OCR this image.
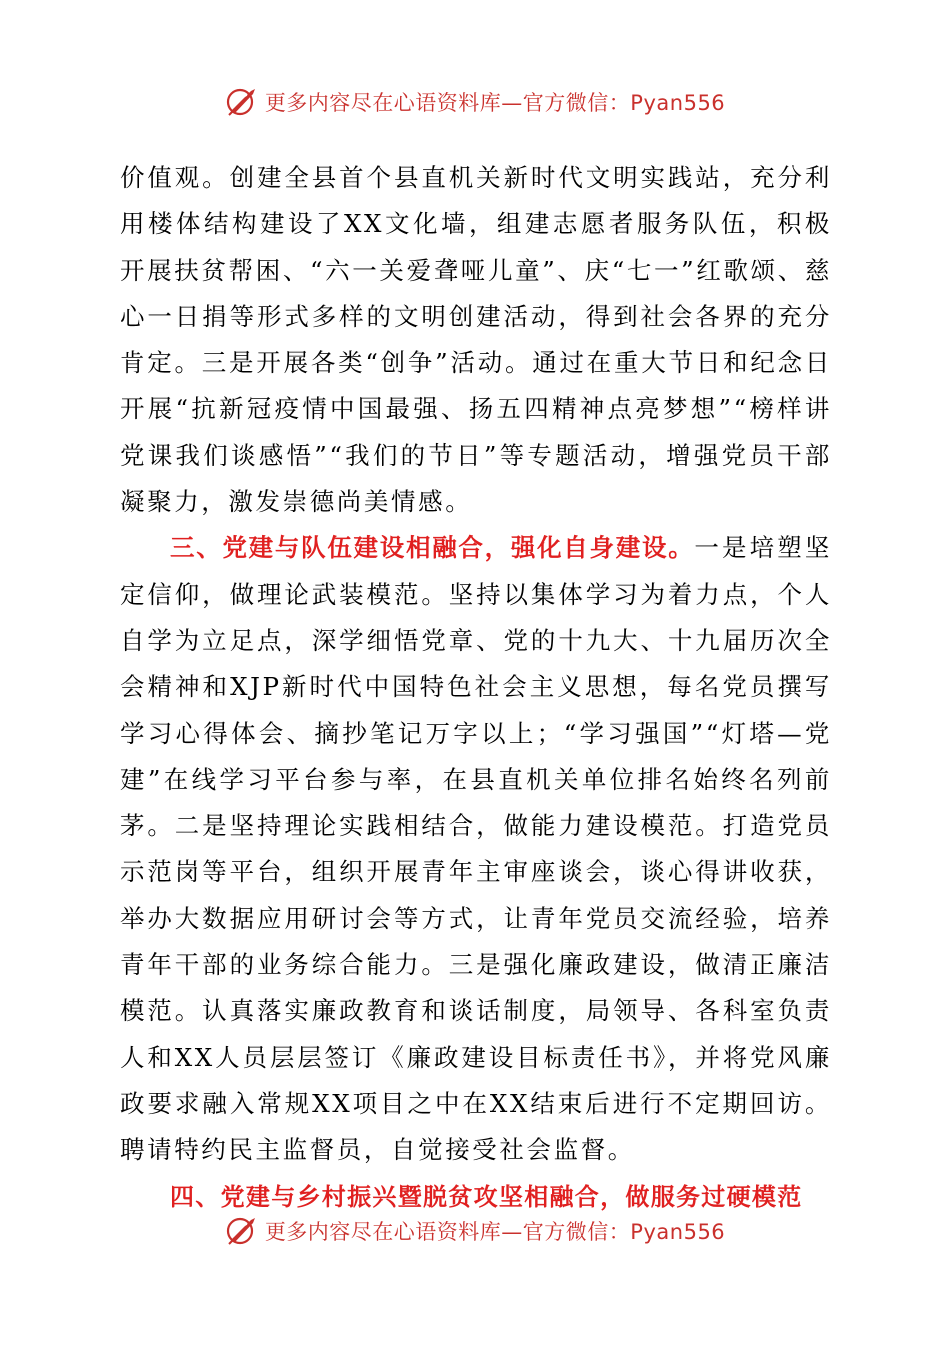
更多内容尽在心语资料库—官方微信：Pyan556

价值观。创建全县首个县直机关新时代文明实践站，充分利用楼体结构建设了XX文化墙，组建志愿者服务队伍，积极开展扶贫帮困、“六一关爱聋哑儿童”、庆“七一”红歌颂、慈心一日捐等形式多样的文明创建活动，得到社会各界的充分肯定。三是开展各类“创争”活动。通过在重大节日和纪念日开展“抗新冠疫情中国最强、扬五四精神点亮梦想”“榜样讲党课我们谈感悟”“我们的节日”等专题活动，增强党员干部凝聚力，激发崇德尚美情感。

三、党建与队伍建设相融合，强化自身建设。一是培塑坚定信仰，做理论武装模范。坚持以集体学习为着力点，个人自学为立足点，深学细悟党章、党的十九大、十九届历次全会精神和XJP新时代中国特色社会主义思想，每名党员撰写学习心得体会、摘抄笔记万字以上；“学习强国”“灯塔—党建”在线学习平台参与率，在县直机关单位排名始终名列前茅。二是坚持理论实践相结合，做能力建设模范。打造党员示范岗等平台，组织开展青年主审座谈会，谈心得讲收获，举办大数据应用研讨会等方式，让青年党员交流经验，培养青年干部的业务综合能力。三是强化廉政建设，做清正廉洁模范。认真落实廉政教育和谈话制度，局领导、各科室负责人和XX人员层层签订《廉政建设目标责任书》，并将党风廉政要求融入常规XX项目之中在XX结束后进行不定期回访。聘请特约民主监督员，自觉接受社会监督。

四、党建与乡村振兴暨脱贫攻坚相融合，做服务过硬模范

更多内容尽在心语资料库—官方微信：Pyan556
